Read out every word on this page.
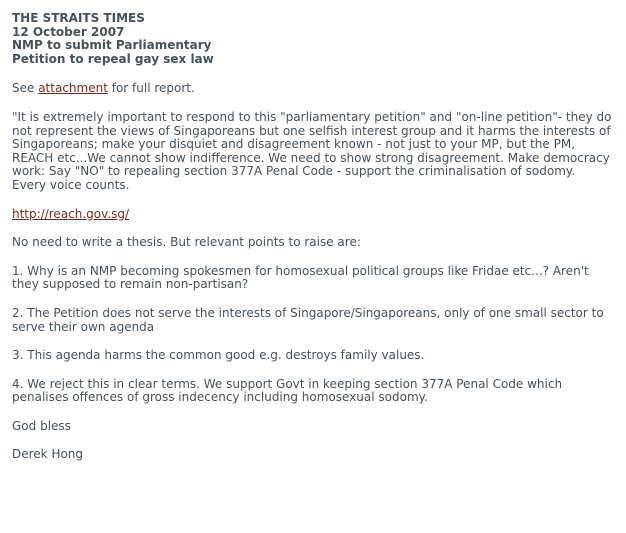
THE STRAITS TIMES
12 October 2007
NMP to submit Parliamentary
Petition to repeal gay sex law

See attachment for full report.

"It is extremely important to respond to this "parliamentary petition" and "on-line petition"- they do not represent the views of Singaporeans but one selfish interest group and it harms the interests of Singaporeans; make your disquiet and disagreement known - not just to your MP, but the PM, REACH etc...We cannot show indifference. We need to show strong disagreement. Make democracy work: Say "NO" to repealing section 377A Penal Code - support the criminalisation of sodomy. Every voice counts.

http://reach.gov.sg/

No need to write a thesis. But relevant points to raise are:

1. Why is an NMP becoming spokesmen for homosexual political groups like Fridae etc...? Aren't they supposed to remain non-partisan?

2. The Petition does not serve the interests of Singapore/Singaporeans, only of one small sector to serve their own agenda

3. This agenda harms the common good e.g. destroys family values.

4. We reject this in clear terms. We support Govt in keeping section 377A Penal Code which penalises offences of gross indecency including homosexual sodomy.

God bless

Derek Hong
